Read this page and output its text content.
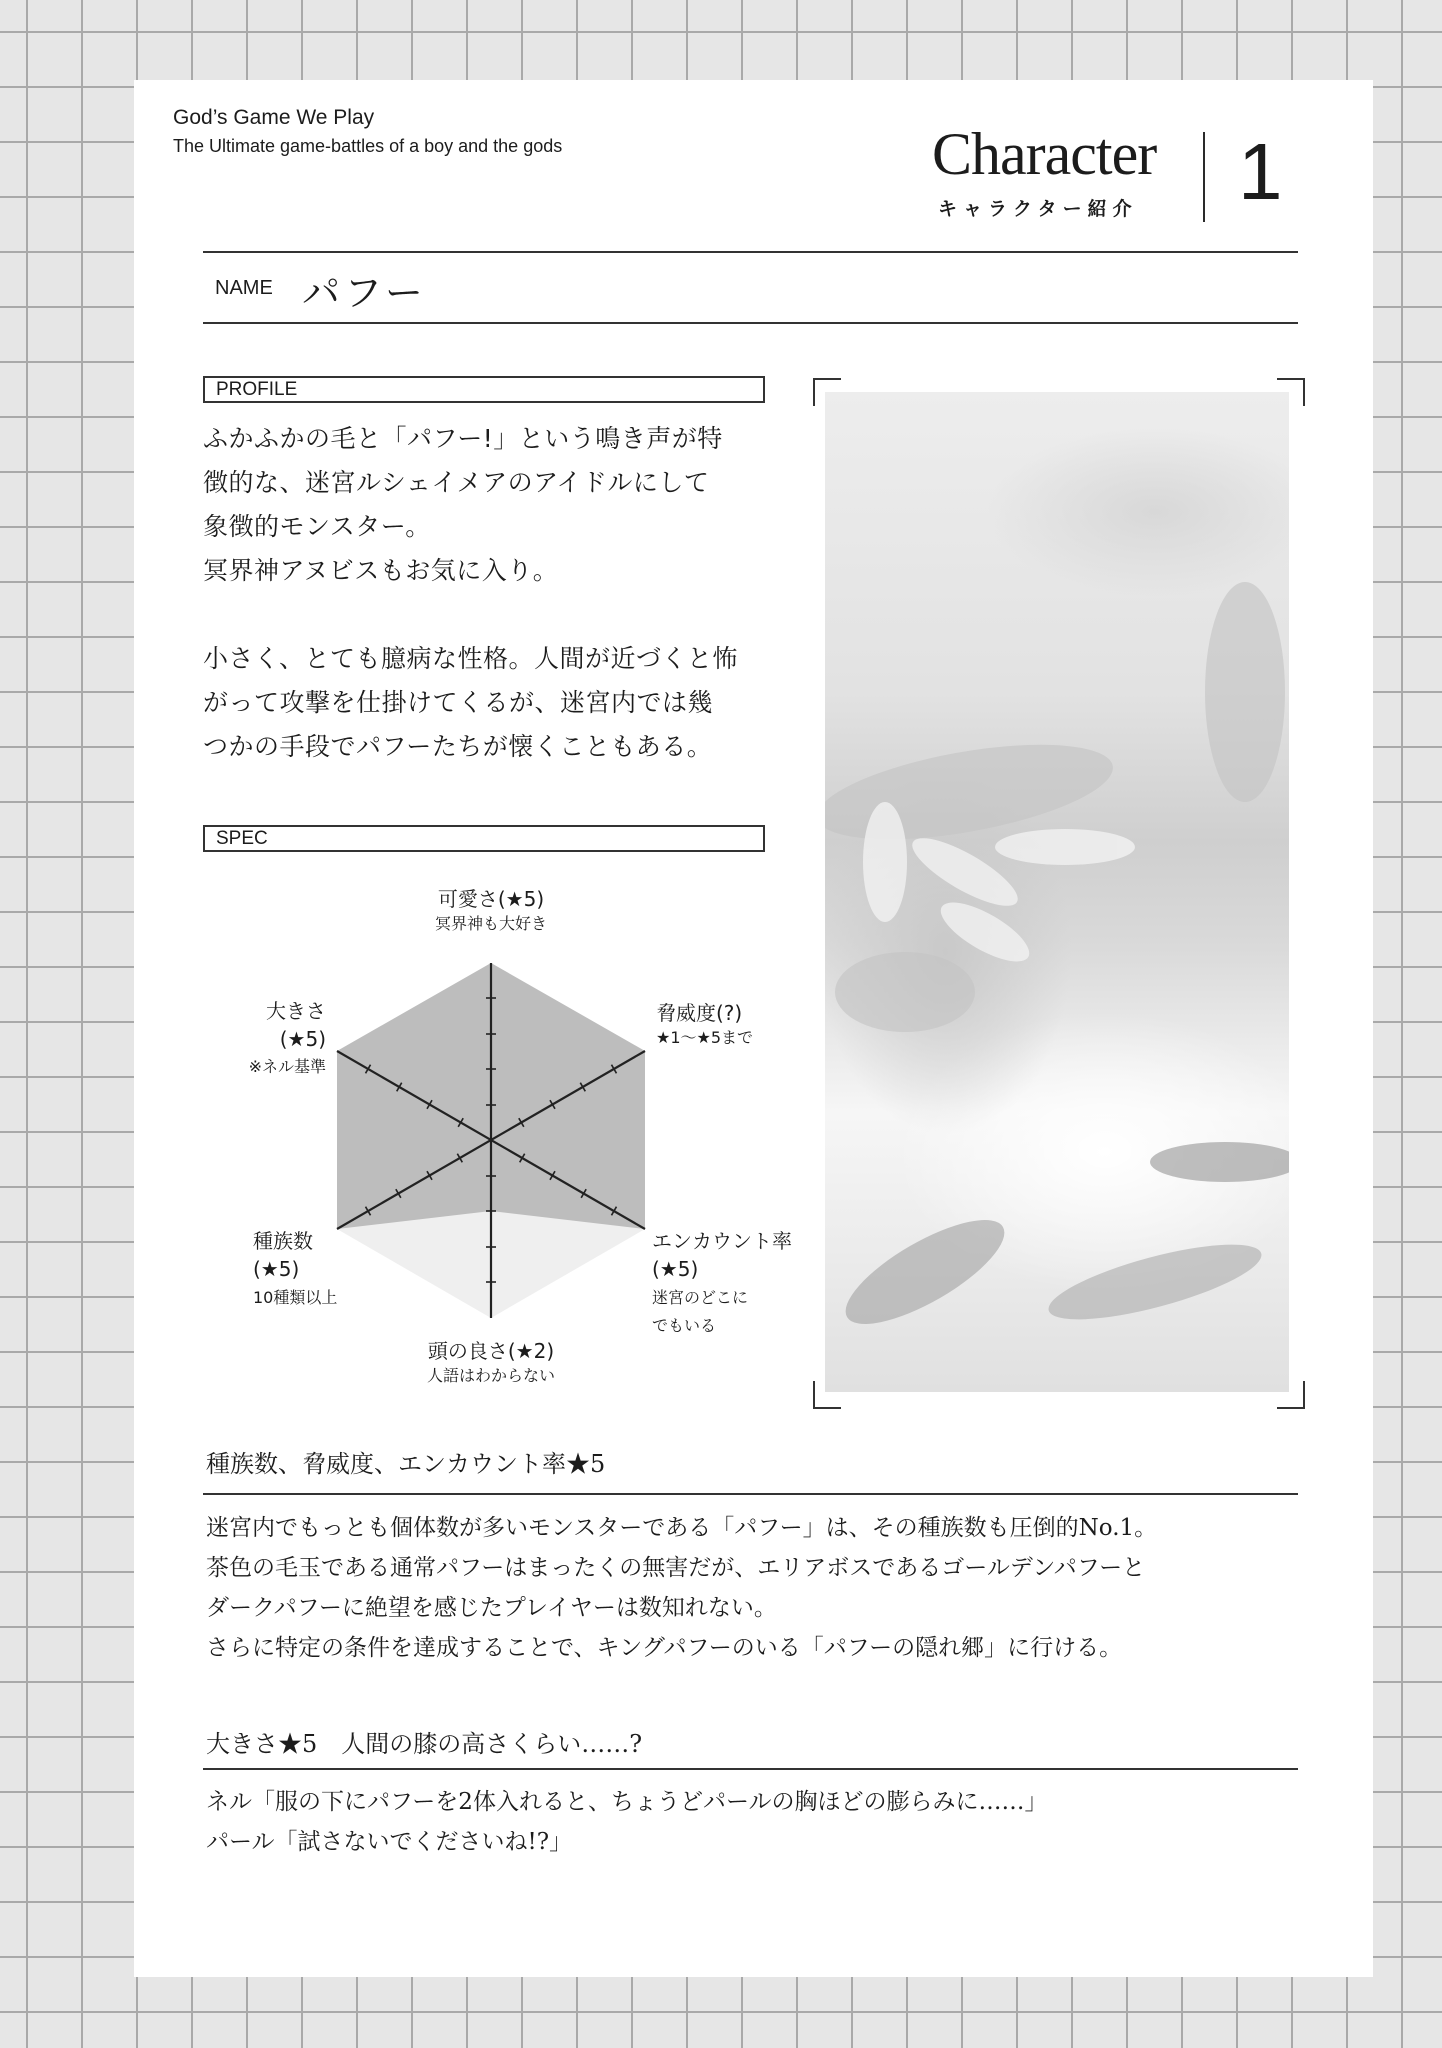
God’s Game We Play
The Ultimate game-battles of a boy and the gods	Character
キャラクター紹介 1
NAME パフー
PROFILE

ふかふかの毛と「パフー!」という鳴き声が特

徴的な、迷宮ルシェイメアのアイドルにして

象徴的モンスター。

冥界神アヌビスもお気に入り。

小さく、とても臆病な性格。人間が近づくと怖

がって攻撃を仕掛けてくるが、迷宮内では幾

つかの手段でパフーたちが懐くこともある。

SPEC
可愛さ(★5)
冥界神も大好き
脅威度(?)
★1〜★5まで
エンカウント率
(★5)
迷宮のどこに
でもいる
頭の良さ(★2)
人語はわからない
種族数
(★5)
10種類以上
大きさ
(★5)
※ネル基準
種族数、脅威度、エンカウント率★5

迷宮内でもっとも個体数が多いモンスターである「パフー」は、その種族数も圧倒的No.1。

茶色の毛玉である通常パフーはまったくの無害だが、エリアボスであるゴールデンパフーと

ダークパフーに絶望を感じたプレイヤーは数知れない。

さらに特定の条件を達成することで、キングパフーのいる「パフーの隠れ郷」に行ける。

大きさ★5　人間の膝の高さくらい……?

ネル「服の下にパフーを2体入れると、ちょうどパールの胸ほどの膨らみに……」

パール「試さないでくださいね!?」
